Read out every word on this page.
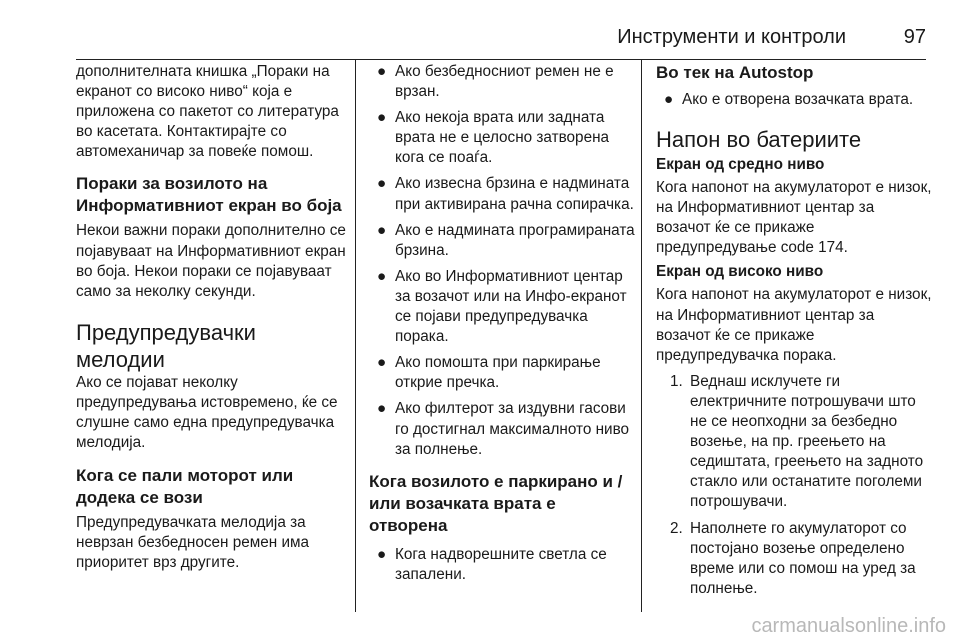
Инструменти и контроли	97

дополнителната книшка „Пораки на екранот со високо ниво“ која е приложена со пакетот со литература во касетата. Контактирајте со автомеханичар за повеќе помош.

Пораки за возилото на Информативниот екран во боја

Некои важни пораки дополнително се појавуваат на Информативниот екран во боја. Некои пораки се појавуваат само за неколку секунди.

Предупредувачки мелодии

Ако се појават неколку предупредувања истовремено, ќе се слушне само една предупредувачка мелодија.

Кога се пали моторот или додека се вози

Предупредувачката мелодија за неврзан безбедносен ремен има приоритет врз другите.

● Ако безбедносниот ремен не е врзан.

● Ако некоја врата или задната врата не е целосно затворена кога се поаѓа.

● Ако извесна брзина е надмината при активирана рачна сопирачка.

● Ако е надмината програмираната брзина.

● Ако во Информативниот центар за возачот или на Инфо-екранот се појави предупредувачка порака.

● Ако помошта при паркирање открие пречка.

● Ако филтерот за издувни гасови го достигнал максималното ниво за полнење.

Кога возилото е паркирано и / или возачката врата е отворена

● Кога надворешните светла се запалени.

Во тек на Autostop

● Ако е отворена возачката врата.

Напон во батериите

Екран од средно ниво

Кога напонот на акумулаторот е низок, на Информативниот центар за возачот ќе се прикаже предупредување code 174.

Екран од високо ниво

Кога напонот на акумулаторот е низок, на Информативниот центар за возачот ќе се прикаже предупредувачка порака.

1. Веднаш исклучете ги електричните потрошувачи што не се неопходни за безбедно возење, на пр. греењето на седиштата, греењето на задното стакло или останатите поголеми потрошувачи.

2. Наполнете го акумулаторот со постојано возење определено време или со помош на уред за полнење.

carmanualsonline.info
